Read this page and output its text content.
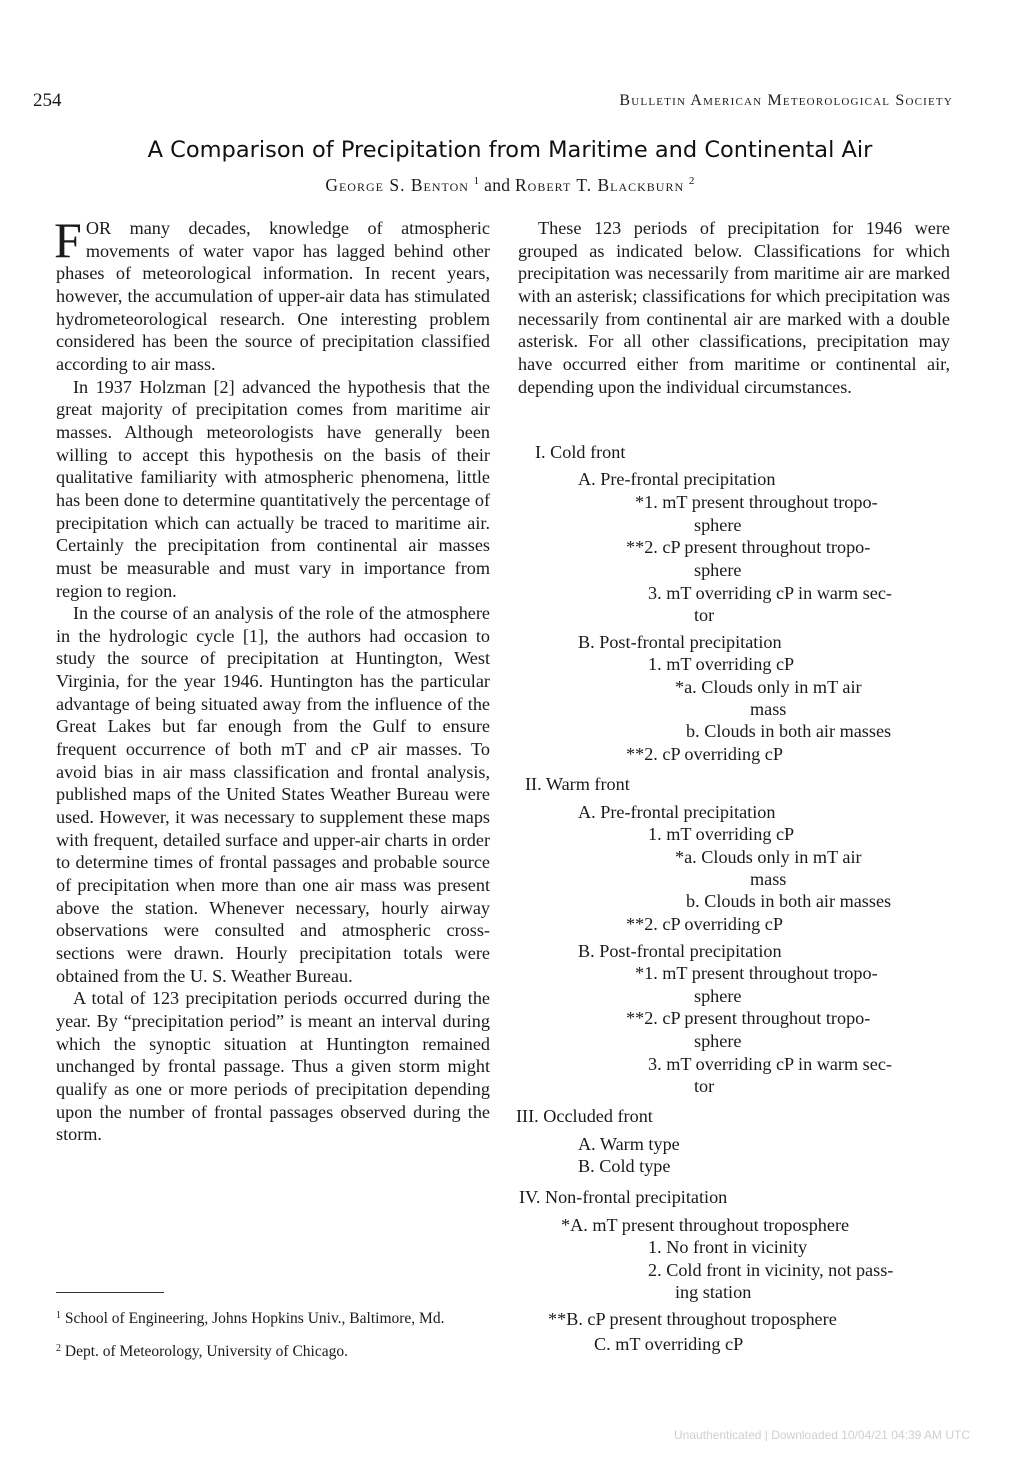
254	Bulletin American Meteorological Society
A Comparison of Precipitation from Maritime and Continental Air
George S. Benton $^1$ and Robert T. Blackburn $^2$

FOR many decades, knowledge of atmospheric movements of water vapor has lagged behind other phases of meteorological information. In recent years, however, the accumulation of upper-air data has stimulated hydrometeorological research. One interesting problem considered has been the source of precipitation classified according to air mass.

In 1937 Holzman [2] advanced the hypothesis that the great majority of precipitation comes from maritime air masses. Although meteorologists have generally been willing to accept this hypothesis on the basis of their qualitative familiarity with atmospheric phenomena, little has been done to determine quantitatively the percentage of precipitation which can actually be traced to maritime air. Certainly the precipitation from continental air masses must be measurable and must vary in importance from region to region.

In the course of an analysis of the role of the atmosphere in the hydrologic cycle [1], the authors had occasion to study the source of precipitation at Huntington, West Virginia, for the year 1946. Huntington has the particular advantage of being situated away from the influence of the Great Lakes but far enough from the Gulf to ensure frequent occurrence of both mT and cP air masses. To avoid bias in air mass classification and frontal analysis, published maps of the United States Weather Bureau were used. However, it was necessary to supplement these maps with frequent, detailed surface and upper-air charts in order to determine times of frontal passages and probable source of precipitation when more than one air mass was present above the station. Whenever necessary, hourly airway observations were consulted and atmospheric cross-sections were drawn. Hourly precipitation totals were obtained from the U. S. Weather Bureau.

A total of 123 precipitation periods occurred during the year. By “precipitation period” is meant an interval during which the synoptic situation at Huntington remained unchanged by frontal passage. Thus a given storm might qualify as one or more periods of precipitation depending upon the number of frontal passages observed during the storm.

$^1$ School of Engineering, Johns Hopkins Univ., Baltimore, Md.
$^2$ Dept. of Meteorology, University of Chicago.

These 123 periods of precipitation for 1946 were grouped as indicated below. Classifications for which precipitation was necessarily from maritime air are marked with an asterisk; classifications for which precipitation was necessarily from continental air are marked with a double asterisk. For all other classifications, precipitation may have occurred either from maritime or continental air, depending upon the individual circumstances.

I. Cold front
A. Pre-frontal precipitation
*1. mT present throughout tropo-
sphere
**2. cP present throughout tropo-
sphere
3. mT overriding cP in warm sec-
tor
B. Post-frontal precipitation
1. mT overriding cP
*a. Clouds only in mT air
mass
b. Clouds in both air masses
**2. cP overriding cP
II. Warm front
A. Pre-frontal precipitation
1. mT overriding cP
*a. Clouds only in mT air
mass
b. Clouds in both air masses
**2. cP overriding cP
B. Post-frontal precipitation
*1. mT present throughout tropo-
sphere
**2. cP present throughout tropo-
sphere
3. mT overriding cP in warm sec-
tor
III. Occluded front
A. Warm type
B. Cold type
IV. Non-frontal precipitation
*A. mT present throughout troposphere
1. No front in vicinity
2. Cold front in vicinity, not pass-
ing station
**B. cP present throughout troposphere
C. mT overriding cP
Unauthenticated | Downloaded 10/04/21 04:39 AM UTC
